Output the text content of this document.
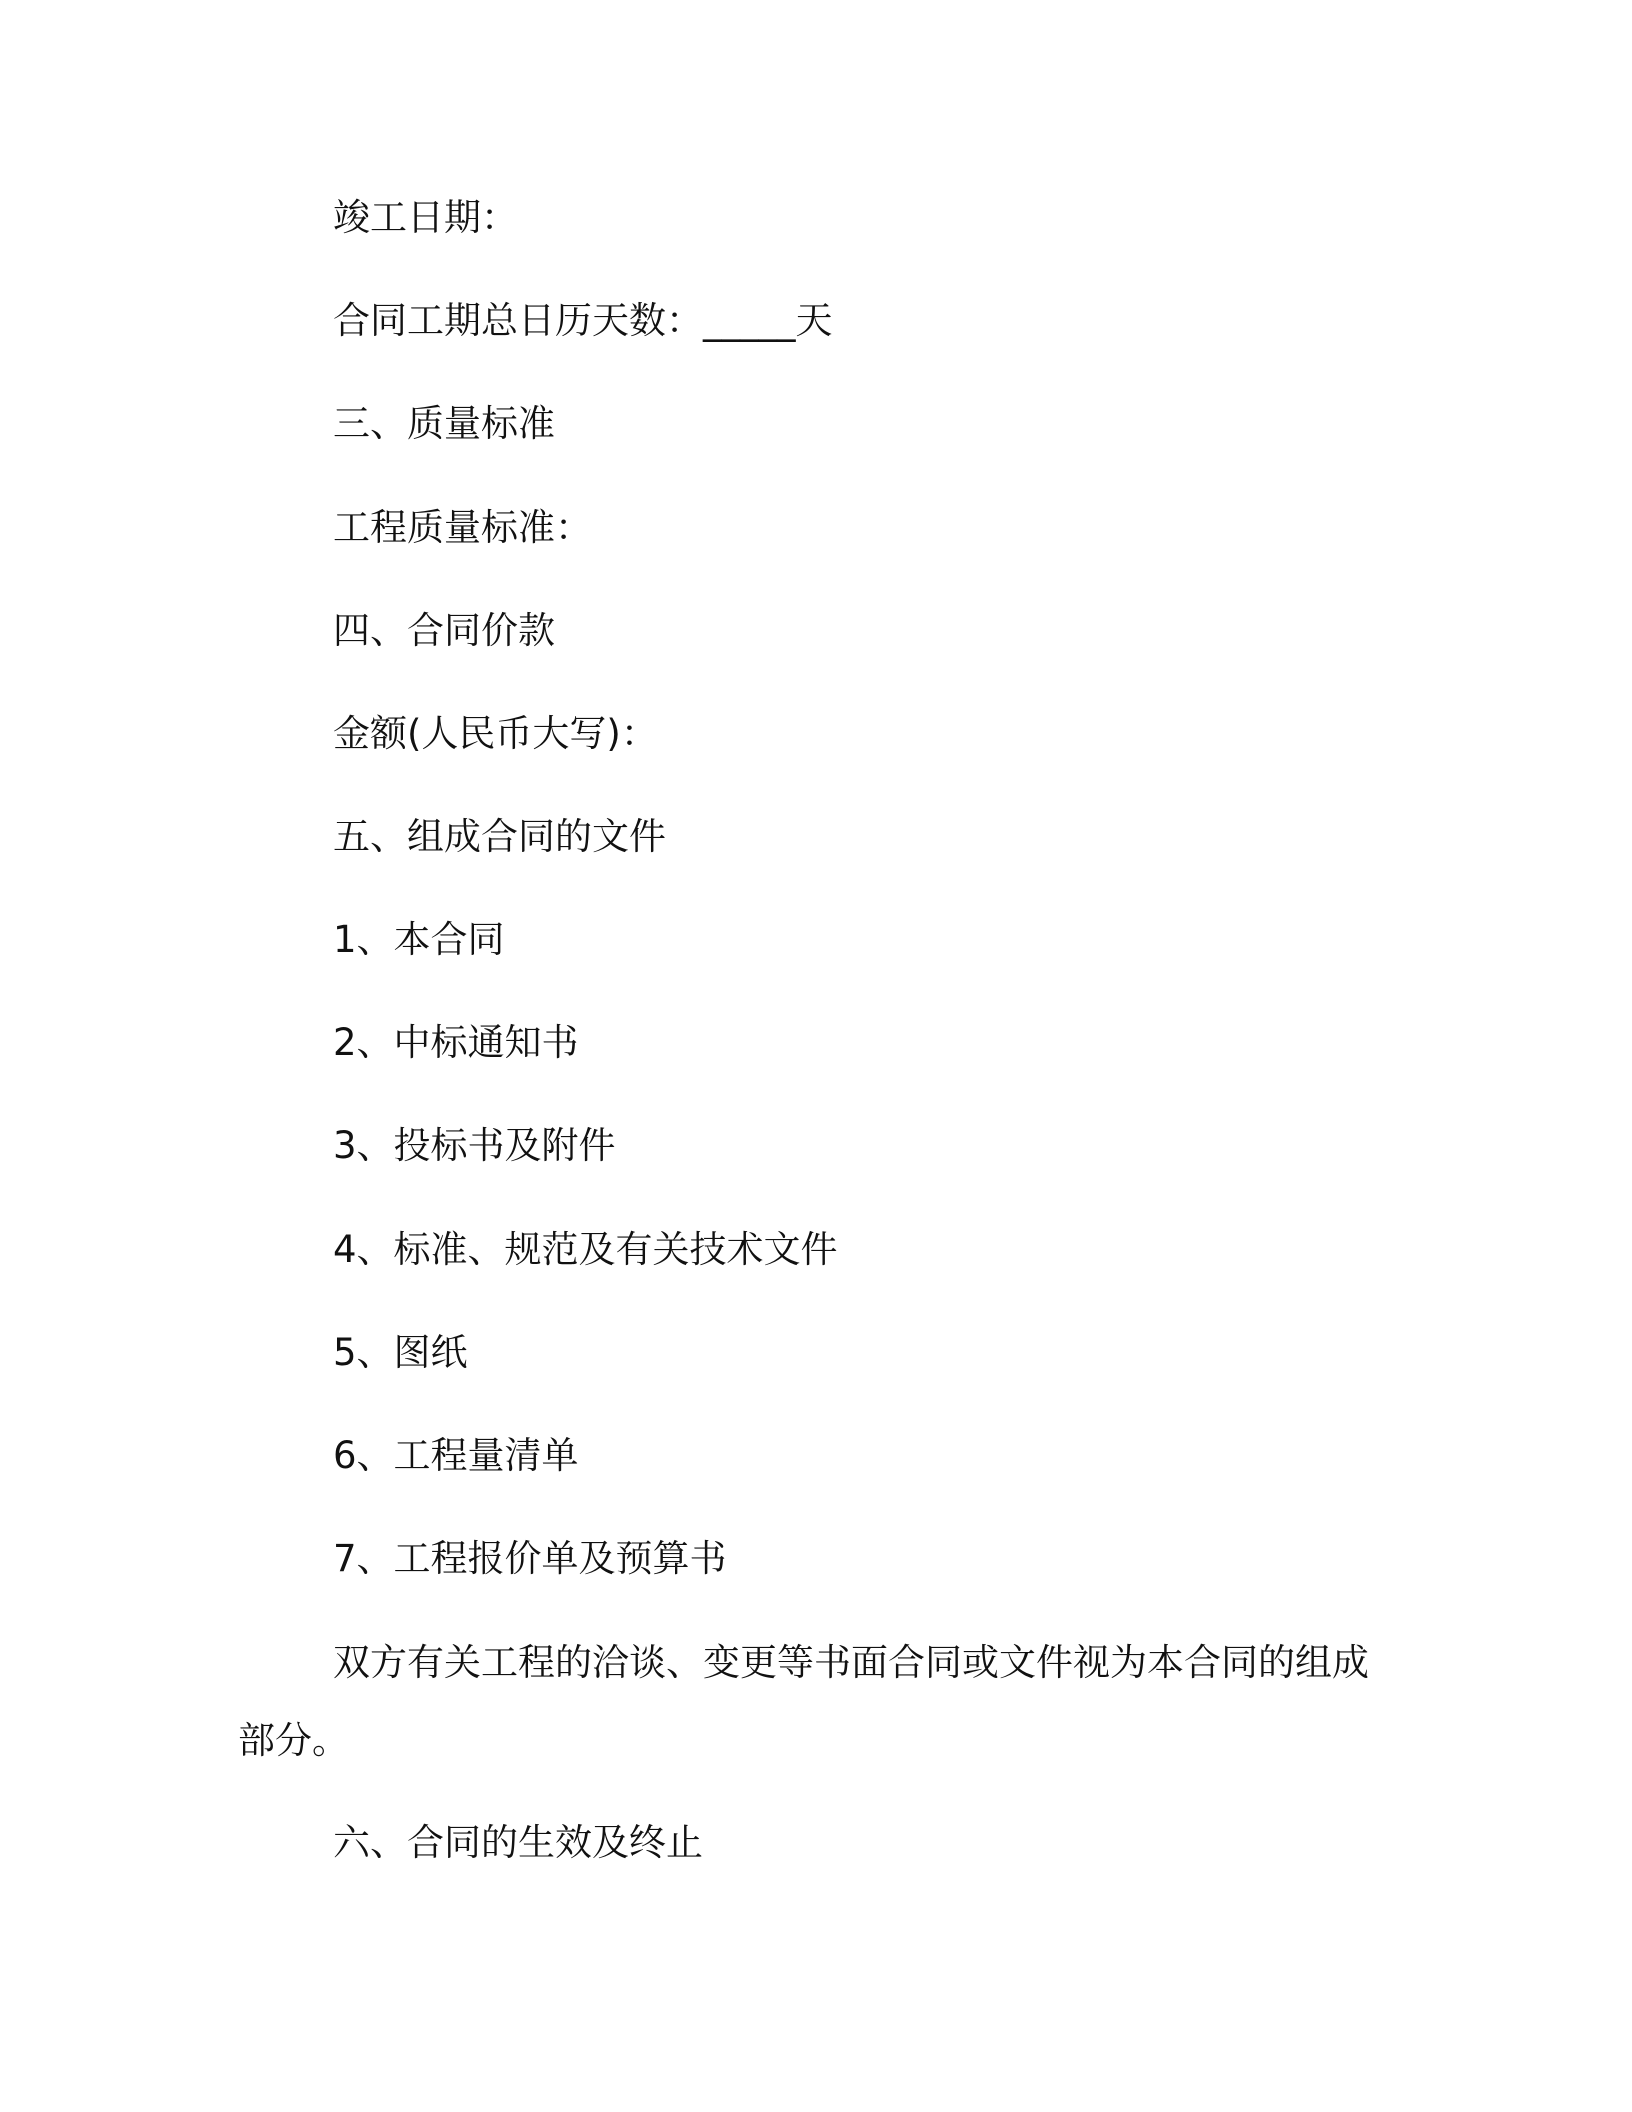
竣工日期：
合同工期总日历天数：_____天
三、质量标准
工程质量标准：
四、合同价款
金额(人民币大写)：
五、组成合同的文件
1、本合同
2、中标通知书
3、投标书及附件
4、标准、规范及有关技术文件
5、图纸
6、工程量清单
7、工程报价单及预算书
双方有关工程的洽谈、变更等书面合同或文件视为本合同的组成部分。
六、合同的生效及终止
